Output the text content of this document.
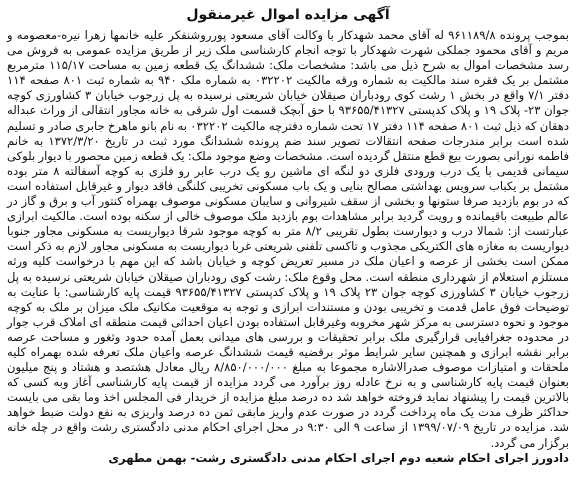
آگهی مزایده اموال غیرمنقول

بموجب پرونده ۹۶۱۱۸۹/۸ له آقای محمد شهدکار با وکالت آقای مسعود پورروشنفکر علیه خانمها زهرا نیره-معصومه و مریم و آقای محمود جملکی شهرت شهدکار با توجه انجام کارشناسی ملک زیر از طریق مزایده عمومی به فروش می رسد مشخصات اموال به شرح ذیل می باشد: مشخصات ملک: ششدانگ یک قطعه زمین به مساحت ۱۱۵/۱۷ مترمربع مشتمل بر یک فقره سند مالکیت به شماره ورقه مالکیت ۰۳۲۲۰۲ به شماره ملک ۹۴۰ به شماره ثبت ۸۰۱ صفحه ۱۱۴ دفتر ۷/۱ واقع در بخش ۱ رشت کوی رودباران صیقلان خیابان شریعتی نرسیده به پل زرجوب خیابان ۳ کشاورزی کوچه جوان ۲۳- پلاک ۱۹ و پلاک کدپستی ۹۳۶۵۵/۴۱۳۲۷ با حق آبچک قسمت اول شرقی به خانه مجاور انتقالی از وراث عبداله دهقان که ذیل ثبت ۸۰۱ صفحه ۱۱۴ دفتر ۱۷ تحت شماره دفترچه مالکیت ۰۳۲۲۰۲ به نام بانو ماهرخ جابری صادر و تسلیم شده است برابر مندرجات صفحه انتقالات تصویر سند ضم پرونده ششدانگ مورد ثبت در تاریخ ۱۳۷۲/۳/۲۰ به خانم فاطمه نورانی بصورت بیع قطع منتقل گردیده است. مشخصات وضع موجود ملک: یک قطعه زمین محصور با دیوار بلوکی سیمانی قدیمی با یک درب ورودی فلزی دو لنگه ای ماشین رو یک درب عابر رو فلزی به کوچه آسفالته ۸ متر بوده مشتمل بر یکباب سرویس بهداشتی مصالح بنایی و یک باب مسکونی تخریبی کلنگی فاقد دیوار و غیرقابل استفاده است که در بوم بازدید صرفا ستونها و بخشی از سقف شیروانی و سایبان مسکونی موصوف بهمراه کنتور آب و برق و گاز در عالم طبیعت باقیمانده و رویت گردید برابر مشاهدات بوم بازدید ملک موصوف خالی از سکنه بوده است. مالکیت ابرازی عبارتست از: شمالا درب و دیوارست بطول تقریبی ۸/۲ متر به کوچه موجود شرقا دیواریست به مسکونی مجاور جنوبا دیواریست به مغازه های الکتریکی مجذوب و تاکسی تلفنی شریعتی غربا دیواریست به مسکونی مجاور لازم به ذکر است ممکن است بخشی از عرصه و اعیان ملک در مسیر تعریض کوچه و خیابان باشد که این مهم با درخواست کلیه ورثه مستلزم استعلام از شهرداری منطقه است. محل وقوع ملک: رشت کوی رودباران صیقلان خیابان شریعتی نرسیده به پل زرجوب خیابان ۳ کشاورزی کوچه جوان ۲۳ پلاک ۱۹ و پلاک کدپستی ۹۳۶۵۵/۴۱۳۲۷ قیمت پایه کارشناسی: با عنایت به توضیحات فوق عامل قدمت و تخریبی بودن و مستندات ابرازی و توجه به موقعیت مکانیک ملک میزان بر ملک به کوچه موجود و نحوه دسترسی به مرکز شهر مخروبه وغیرقابل استفاده بودن اعیان احداثی قیمت منطقه ای املاک قرب جوار در محدوده جغرافیایی قرارگیری ملک برابر تحقیقات و بررسی های میدانی بعمل آمده حدود وثغور و مساحت عرصه برابر نقشه ابرازی و همچنین سایر شرایط موثر برقضیه قیمت ششدانگ عرصه واعیان ملک تعرفه شده بهمراه کلیه ملحقات و امتیازات موصوف صدرالاشاره مجموعا به مبلغ ۸/۸۵۰/۰۰۰/۰۰۰ ریال معادل هشتصد و هشتاد و پنج میلیون بعنوان قیمت پایه کارشناسی و به نرخ عادله روز برآورد می گردد مزایده از قیمت پایه کارشناسی آغاز وبه کسی که بالاترین قیمت را پیشنهاد نماید فروخته خواهد شد ده درصد مبلغ مزایده از خریدار فی المجلس اخذ وما بقی می بایست حداکثر ظرف مدت یک ماه پرداخت گردد در صورت عدم واریز مابقی ثمن ده درصد واریزی به نفع دولت ضبط خواهد شد. مزایده در تاریخ ۱۳۹۹/۰۷/۰۹ از ساعت ۹ الی ۹:۳۰ در محل اجرای احکام مدنی دادگستری رشت واقع در چله خانه برگزار می گردد.

دادورز اجرای احکام شعبه دوم اجرای احکام مدنی دادگستری رشت- بهمن مطهری
